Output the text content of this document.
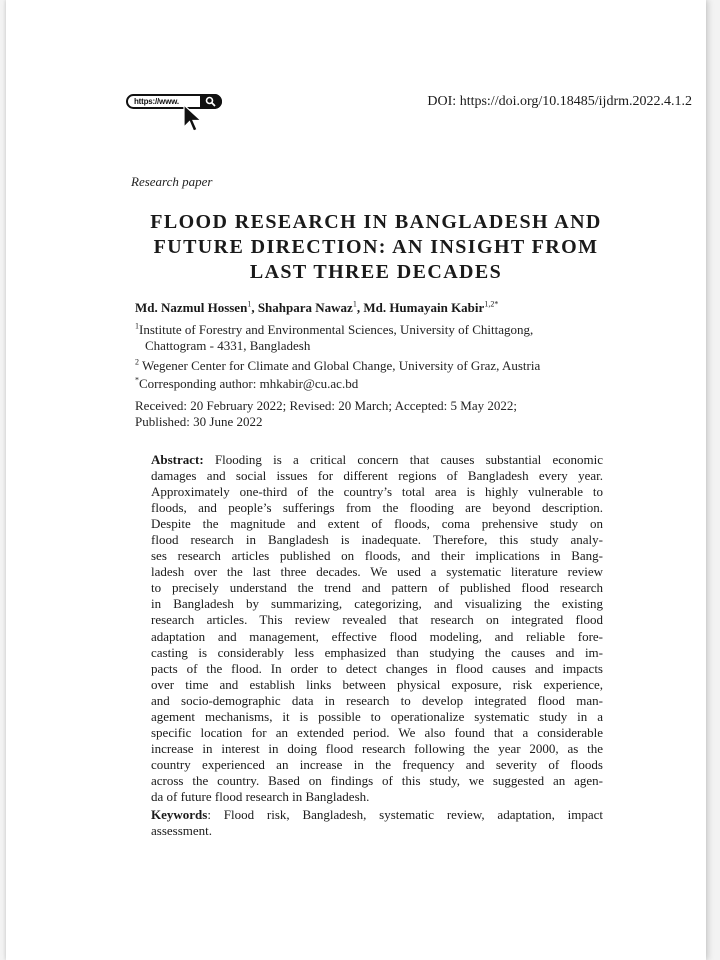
https://www.	DOI: https://doi.org/10.18485/ijdrm.2022.4.1.2
Research paper
FLOOD RESEARCH IN BANGLADESH AND
FUTURE DIRECTION: AN INSIGHT FROM
LAST THREE DECADES
Md. Nazmul Hossen$^1$, Shahpara Nawaz$^1$, Md. Humayain Kabir$^{1,2*}$
$^1$Institute of Forestry and Environmental Sciences, University of Chittagong,
Chattogram - 4331, Bangladesh
$^2$ Wegener Center for Climate and Global Change, University of Graz, Austria
*Corresponding author: mhkabir@cu.ac.bd
Received: 20 February 2022; Revised: 20 March; Accepted: 5 May 2022;
Published: 30 June 2022
Abstract: Flooding is a critical concern that causes substantial economic
damages and social issues for different regions of Bangladesh every year.
Approximately one-third of the country’s total area is highly vulnerable to
floods, and people’s sufferings from the flooding are beyond description.
Despite the magnitude and extent of floods, coma prehensive study on
flood research in Bangladesh is inadequate. Therefore, this study analy-
ses research articles published on floods, and their implications in Bang-
ladesh over the last three decades. We used a systematic literature review
to precisely understand the trend and pattern of published flood research
in Bangladesh by summarizing, categorizing, and visualizing the existing
research articles. This review revealed that research on integrated flood
adaptation and management, effective flood modeling, and reliable fore-
casting is considerably less emphasized than studying the causes and im-
pacts of the flood. In order to detect changes in flood causes and impacts
over time and establish links between physical exposure, risk experience,
and socio-demographic data in research to develop integrated flood man-
agement mechanisms, it is possible to operationalize systematic study in a
specific location for an extended period. We also found that a considerable
increase in interest in doing flood research following the year 2000, as the
country experienced an increase in the frequency and severity of floods
across the country. Based on findings of this study, we suggested an agen-
da of future flood research in Bangladesh.
Keywords: Flood risk, Bangladesh, systematic review, adaptation, impact
assessment.
